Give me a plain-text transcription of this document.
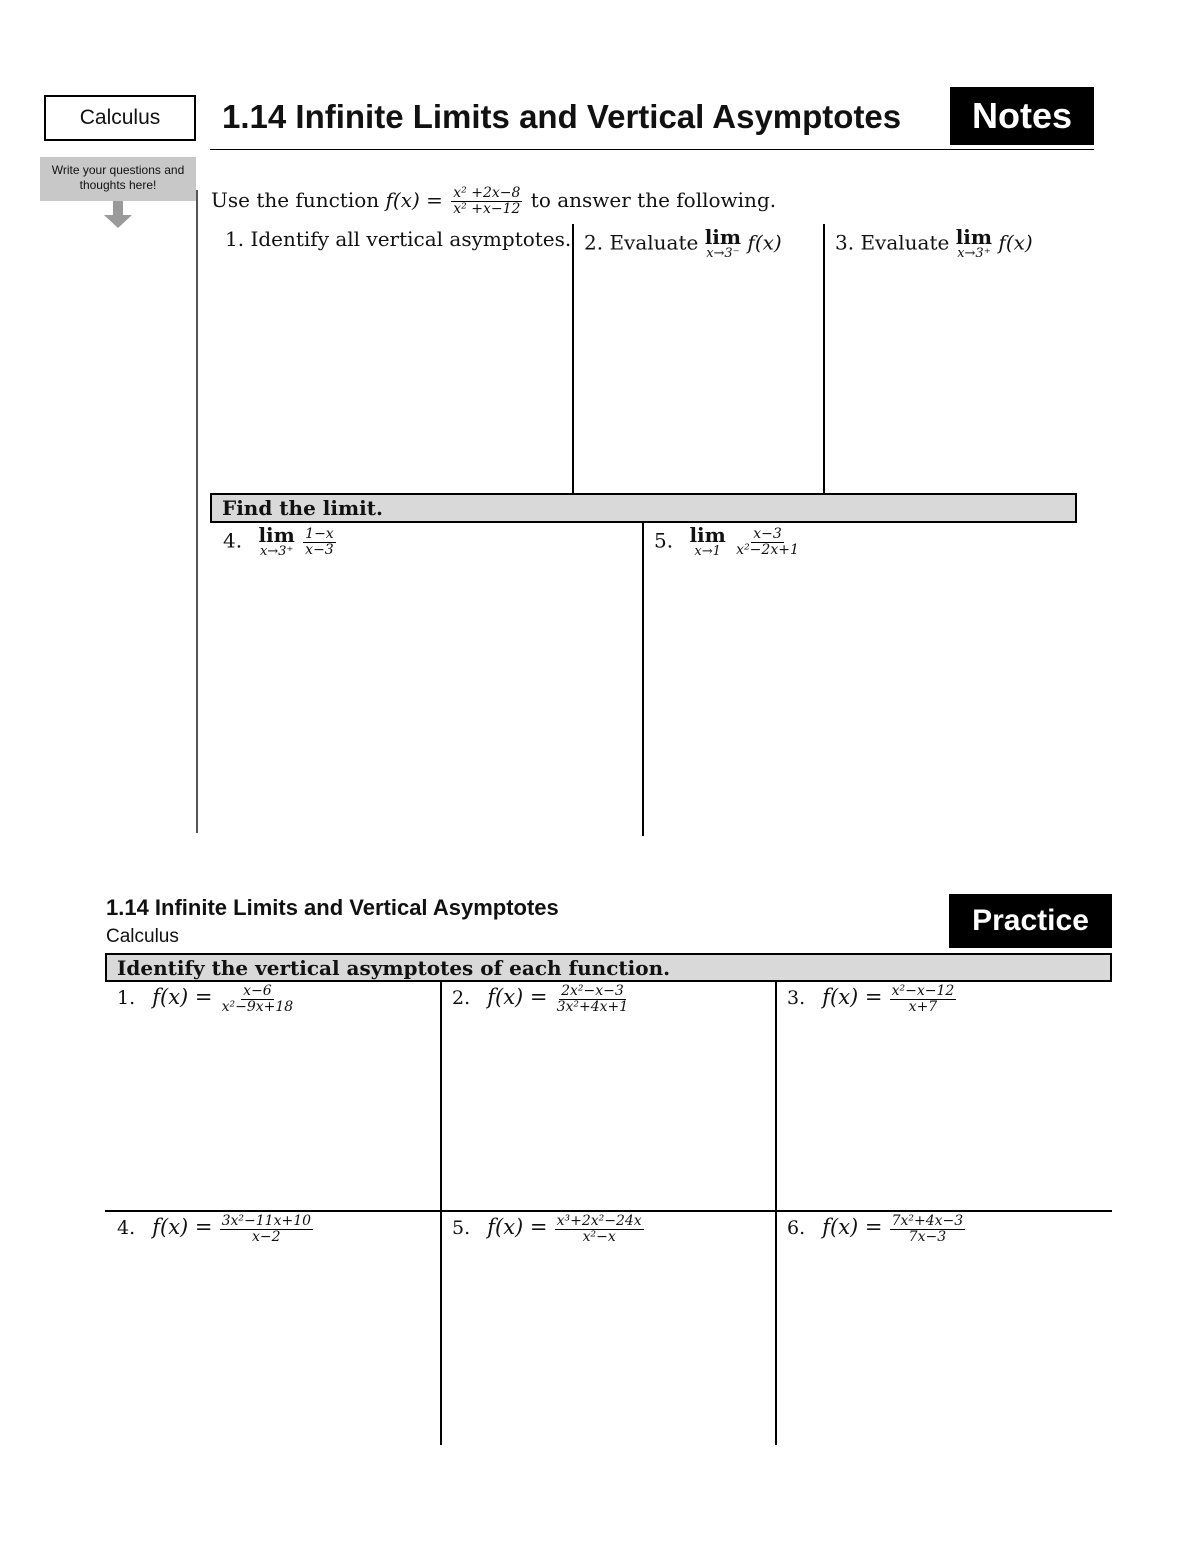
Calculus 1.14 Infinite Limits and Vertical Asymptotes Notes
Write your questions and thoughts here!
Use the function $f(x) = \frac{\text{x² +2x−8}}{\text{x² +x−12}}$ to answer the following.
1. Identify all vertical asymptotes. 2. Evaluate lim
x→3⁻ f(x)	3. Evaluate lim
x→3⁺ f(x)
Find the limit.
4. lim
x→3⁺
$\frac{1-x}{x-3}$	5. lim
x→1
$\frac{x-3}{\text{x²−2x+1}}$
1.14 Infinite Limits and Vertical Asymptotes
Calculus	Practice
Identify the vertical asymptotes of each function.
1. $f(x) = \frac{x-6}{\text{x²−9x+18}}$	2. $f(x) = \frac{\text{2x²−x−3}}{\text{3x²+4x+1}}$	3. $f(x) = \frac{\text{x²−x−12}}{x+7}$
4. $f(x) = \frac{\text{3x²−11x+10}}{x-2}$	5. $f(x) = \frac{\text{x³+2x²−24x}}{\text{x²−x}}$	6. $f(x) = \frac{\text{7x²+4x−3}}{7x-3}$
